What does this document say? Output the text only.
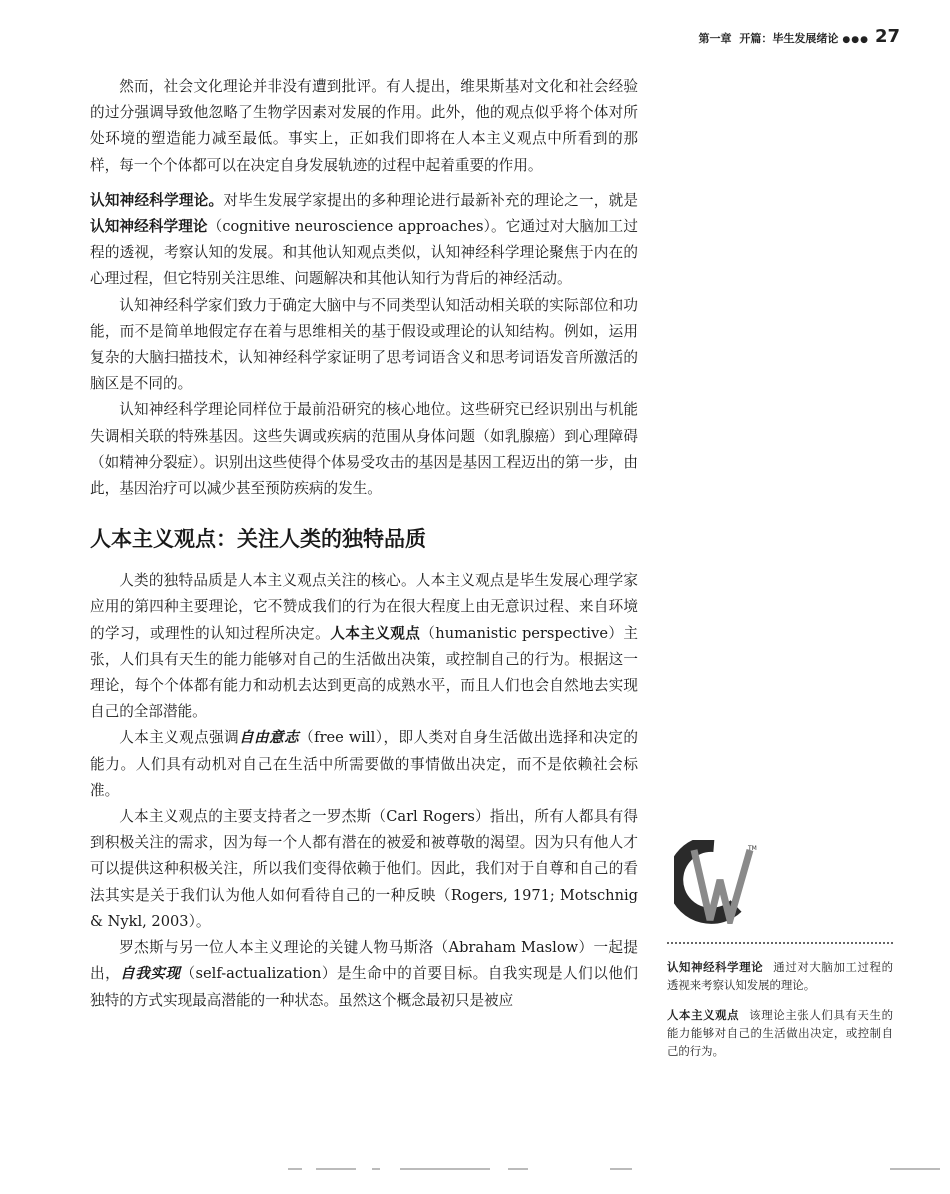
第一章
开篇：毕生发展绪论 ●●● 27

然而，社会文化理论并非没有遭到批评。有人提出，维果斯基对文化和社会经验的过分强调导致他忽略了生物学因素对发展的作用。此外，他的观点似乎将个体对所处环境的塑造能力减至最低。事实上，正如我们即将在人本主义观点中所看到的那样，每一个个体都可以在决定自身发展轨迹的过程中起着重要的作用。

认知神经科学理论。对毕生发展学家提出的多种理论进行最新补充的理论之一，就是认知神经科学理论（cognitive neuroscience approaches）。它通过对大脑加工过程的透视，考察认知的发展。和其他认知观点类似，认知神经科学理论聚焦于内在的心理过程，但它特别关注思维、问题解决和其他认知行为背后的神经活动。

认知神经科学家们致力于确定大脑中与不同类型认知活动相关联的实际部位和功能，而不是简单地假定存在着与思维相关的基于假设或理论的认知结构。例如，运用复杂的大脑扫描技术，认知神经科学家证明了思考词语含义和思考词语发音所激活的脑区是不同的。

认知神经科学理论同样位于最前沿研究的核心地位。这些研究已经识别出与机能失调相关联的特殊基因。这些失调或疾病的范围从身体问题（如乳腺癌）到心理障碍（如精神分裂症）。识别出这些使得个体易受攻击的基因是基因工程迈出的第一步，由此，基因治疗可以减少甚至预防疾病的发生。

人本主义观点：关注人类的独特品质

人类的独特品质是人本主义观点关注的核心。人本主义观点是毕生发展心理学家应用的第四种主要理论，它不赞成我们的行为在很大程度上由无意识过程、来自环境的学习，或理性的认知过程所决定。人本主义观点（humanistic perspective）主张，人们具有天生的能力能够对自己的生活做出决策，或控制自己的行为。根据这一理论，每个个体都有能力和动机去达到更高的成熟水平，而且人们也会自然地去实现自己的全部潜能。

人本主义观点强调自由意志（free will），即人类对自身生活做出选择和决定的能力。人们具有动机对自己在生活中所需要做的事情做出决定，而不是依赖社会标准。

人本主义观点的主要支持者之一罗杰斯（Carl Rogers）指出，所有人都具有得到积极关注的需求，因为每一个人都有潜在的被爱和被尊敬的渴望。因为只有他人才可以提供这种积极关注，所以我们变得依赖于他们。因此，我们对于自尊和自己的看法其实是关于我们认为他人如何看待自己的一种反映（Rogers, 1971; Motschnig & Nykl, 2003）。

罗杰斯与另一位人本主义理论的关键人物马斯洛（Abraham Maslow）一起提出，自我实现（self-actualization）是生命中的首要目标。自我实现是人们以他们独特的方式实现最高潜能的一种状态。虽然这个概念最初只是被应

TM

认知神经科学理论 通过对大脑加工过程的透视来考察认知发展的理论。

人本主义观点 该理论主张人们具有天生的能力能够对自己的生活做出决定，或控制自己的行为。
